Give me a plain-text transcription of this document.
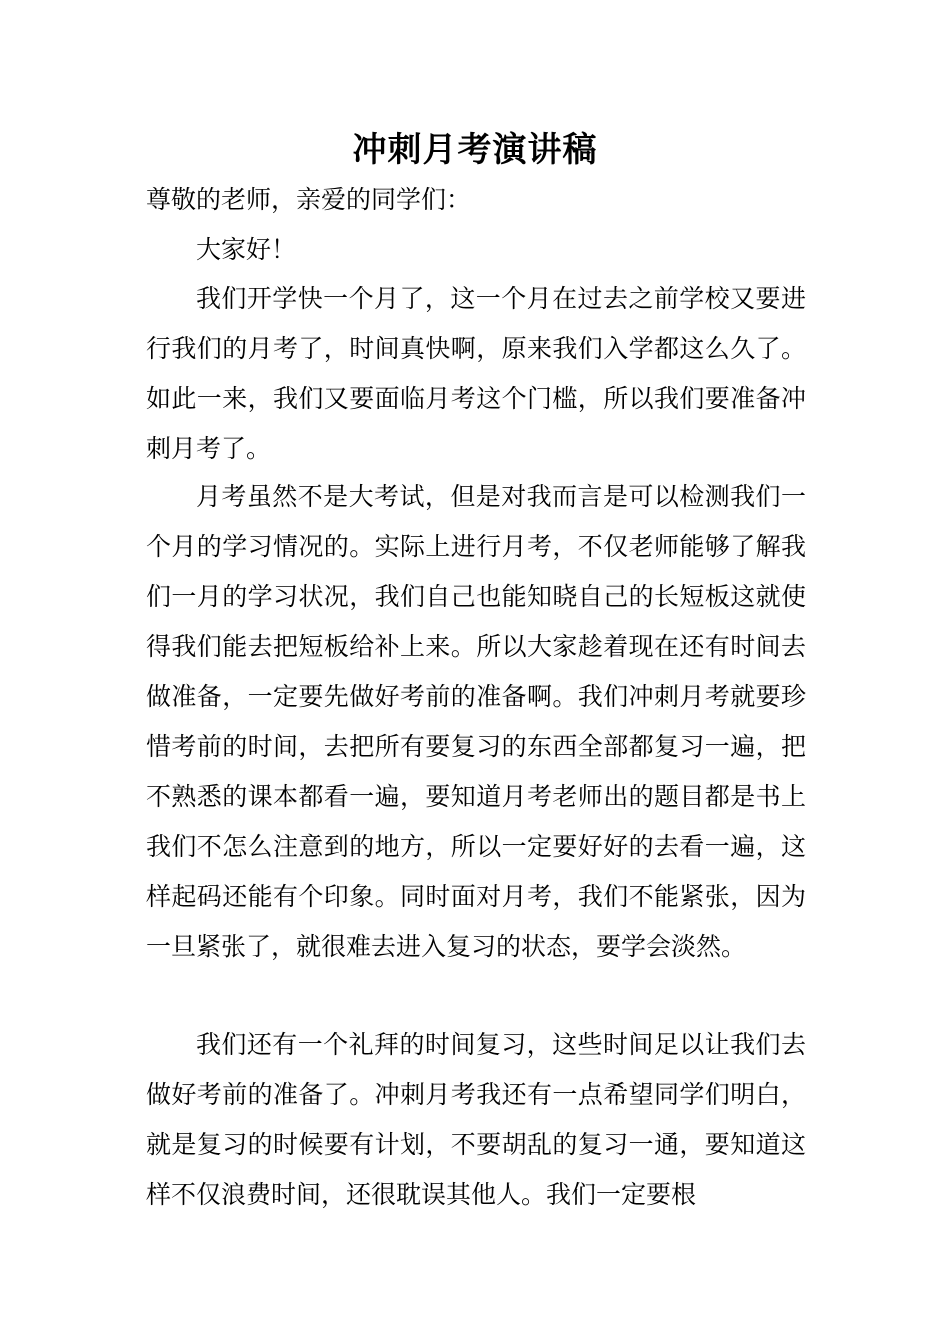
冲刺月考演讲稿

尊敬的老师，亲爱的同学们：

大家好！

我们开学快一个月了，这一个月在过去之前学校又要进行我们的月考了，时间真快啊，原来我们入学都这么久了。如此一来，我们又要面临月考这个门槛，所以我们要准备冲刺月考了。

月考虽然不是大考试，但是对我而言是可以检测我们一个月的学习情况的。实际上进行月考，不仅老师能够了解我们一月的学习状况，我们自己也能知晓自己的长短板这就使得我们能去把短板给补上来。所以大家趁着现在还有时间去做准备，一定要先做好考前的准备啊。我们冲刺月考就要珍惜考前的时间，去把所有要复习的东西全部都复习一遍，把不熟悉的课本都看一遍，要知道月考老师出的题目都是书上我们不怎么注意到的地方，所以一定要好好的去看一遍，这样起码还能有个印象。同时面对月考，我们不能紧张，因为一旦紧张了，就很难去进入复习的状态，要学会淡然。

我们还有一个礼拜的时间复习，这些时间足以让我们去做好考前的准备了。冲刺月考我还有一点希望同学们明白，就是复习的时候要有计划，不要胡乱的复习一通，要知道这样不仅浪费时间，还很耽误其他人。我们一定要根
